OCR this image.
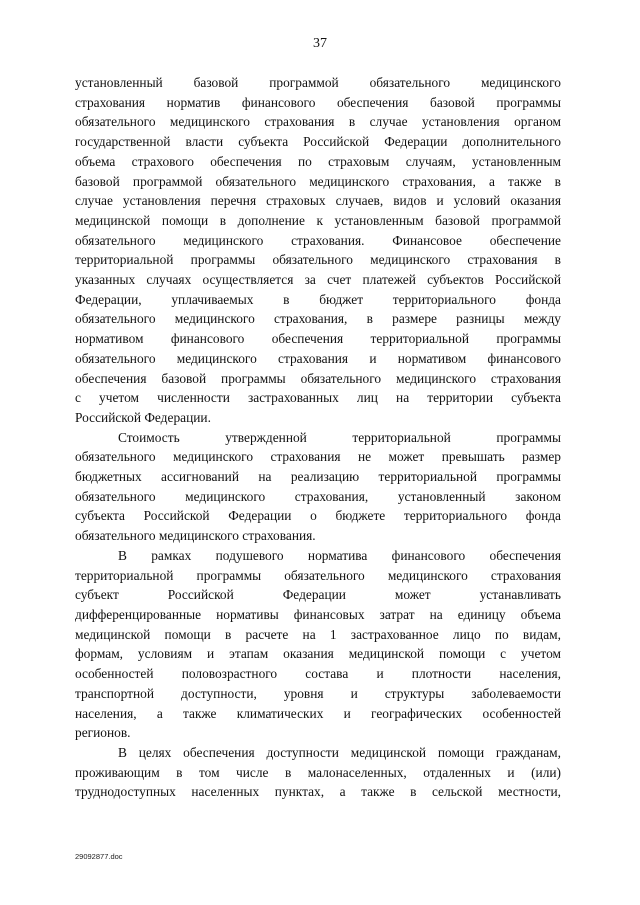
37

установленный базовой программой обязательного медицинского
страхования норматив финансового обеспечения базовой программы
обязательного медицинского страхования в случае установления органом
государственной власти субъекта Российской Федерации дополнительного
объема страхового обеспечения по страховым случаям, установленным
базовой программой обязательного медицинского страхования, а также в
случае установления перечня страховых случаев, видов и условий оказания
медицинской помощи в дополнение к установленным базовой программой
обязательного медицинского страхования. Финансовое обеспечение
территориальной программы обязательного медицинского страхования в
указанных случаях осуществляется за счет платежей субъектов Российской
Федерации, уплачиваемых в бюджет территориального фонда
обязательного медицинского страхования, в размере разницы между
нормативом финансового обеспечения территориальной программы
обязательного медицинского страхования и нормативом финансового
обеспечения базовой программы обязательного медицинского страхования
с учетом численности застрахованных лиц на территории субъекта
Российской Федерации.

Стоимость утвержденной территориальной программы
обязательного медицинского страхования не может превышать размер
бюджетных ассигнований на реализацию территориальной программы
обязательного медицинского страхования, установленный законом
субъекта Российской Федерации о бюджете территориального фонда
обязательного медицинского страхования.

В рамках подушевого норматива финансового обеспечения
территориальной программы обязательного медицинского страхования
субъект Российской Федерации может устанавливать
дифференцированные нормативы финансовых затрат на единицу объема
медицинской помощи в расчете на 1 застрахованное лицо по видам,
формам, условиям и этапам оказания медицинской помощи с учетом
особенностей половозрастного состава и плотности населения,
транспортной доступности, уровня и структуры заболеваемости
населения, а также климатических и географических особенностей
регионов.

В целях обеспечения доступности медицинской помощи гражданам,
проживающим в том числе в малонаселенных, отдаленных и (или)
труднодоступных населенных пунктах, а также в сельской местности,

29092877.doc
